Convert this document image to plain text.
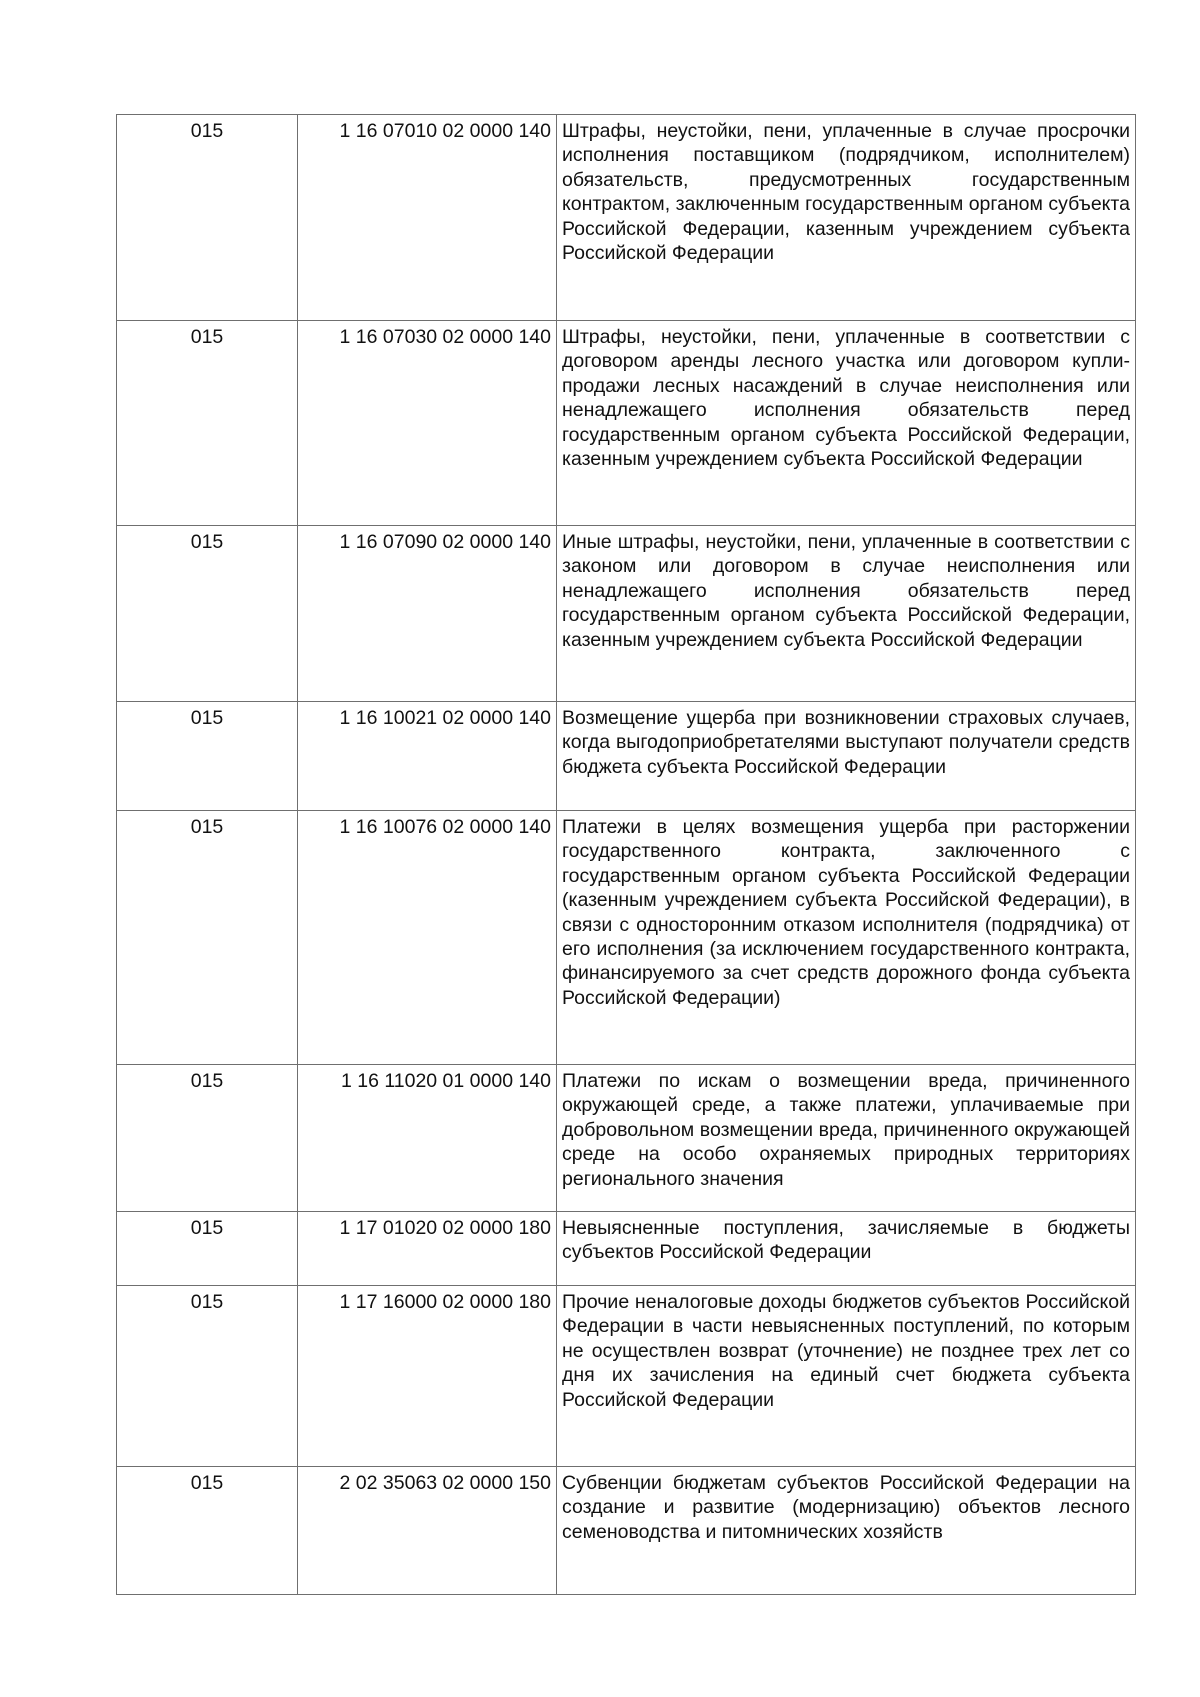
015	1 16 07010 02 0000 140	Штрафы, неустойки, пени, уплаченные в случае просрочки исполнения поставщиком (подрядчиком, исполнителем) обязательств, предусмотренных государственным контрактом, заключенным государственным органом субъекта Российской Федерации, казенным учреждением субъекта Российской Федерации
015	1 16 07030 02 0000 140	Штрафы, неустойки, пени, уплаченные в соответствии с договором аренды лесного участка или договором купли-продажи лесных насаждений в случае неисполнения или ненадлежащего исполнения обязательств перед государственным органом субъекта Российской Федерации, казенным учреждением субъекта Российской Федерации
015	1 16 07090 02 0000 140	Иные штрафы, неустойки, пени, уплаченные в соответствии с законом или договором в случае неисполнения или ненадлежащего исполнения обязательств перед государственным органом субъекта Российской Федерации, казенным учреждением субъекта Российской Федерации
015	1 16 10021 02 0000 140	Возмещение ущерба при возникновении страховых случаев, когда выгодоприобретателями выступают получатели средств бюджета субъекта Российской Федерации
015	1 16 10076 02 0000 140	Платежи в целях возмещения ущерба при расторжении государственного контракта, заключенного с государственным органом субъекта Российской Федерации (казенным учреждением субъекта Российской Федерации), в связи с односторонним отказом исполнителя (подрядчика) от его исполнения (за исключением государственного контракта, финансируемого за счет средств дорожного фонда субъекта Российской Федерации)
015	1 16 11020 01 0000 140	Платежи по искам о возмещении вреда, причиненного окружающей среде, а также платежи, уплачиваемые при добровольном возмещении вреда, причиненного окружающей среде на особо охраняемых природных территориях регионального значения
015	1 17 01020 02 0000 180	Невыясненные поступления, зачисляемые в бюджеты субъектов Российской Федерации
015	1 17 16000 02 0000 180	Прочие неналоговые доходы бюджетов субъектов Российской Федерации в части невыясненных поступлений, по которым не осуществлен возврат (уточнение) не позднее трех лет со дня их зачисления на единый счет бюджета субъекта Российской Федерации
015	2 02 35063 02 0000 150	Субвенции бюджетам субъектов Российской Федерации на создание и развитие (модернизацию) объектов лесного семеноводства и питомнических хозяйств
